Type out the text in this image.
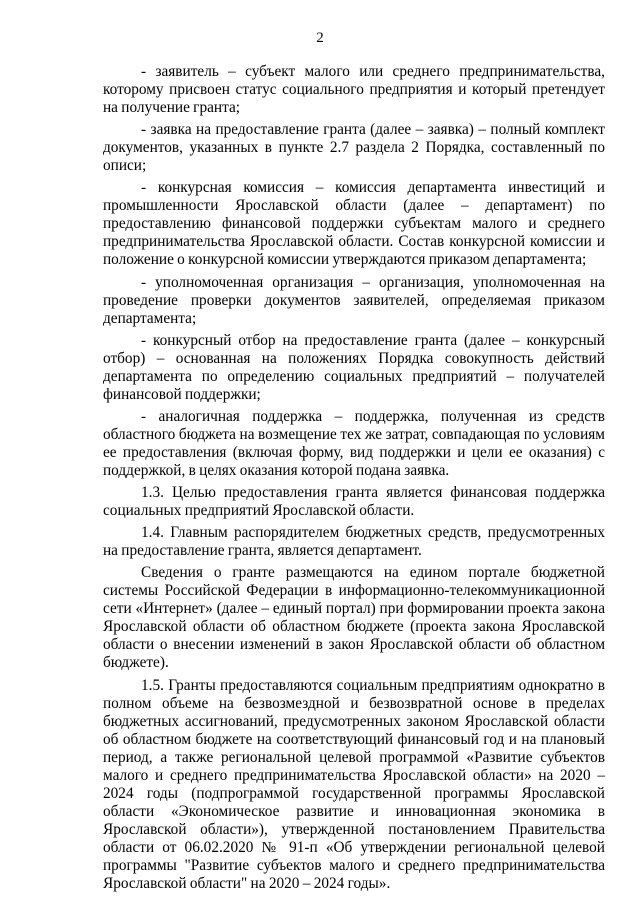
2

- заявитель – субъект малого или среднего предпринимательства, которому присвоен статус социального предприятия и который претендует на получение гранта;

- заявка на предоставление гранта (далее – заявка) – полный комплект документов, указанных в пункте 2.7 раздела 2 Порядка, составленный по описи;

- конкурсная комиссия – комиссия департамента инвестиций и промышленности Ярославской области (далее – департамент) по предоставлению финансовой поддержки субъектам малого и среднего предпринимательства Ярославской области. Состав конкурсной комиссии и положение о конкурсной комиссии утверждаются приказом департамента;

- уполномоченная организация – организация, уполномоченная на проведение проверки документов заявителей, определяемая приказом департамента;

- конкурсный отбор на предоставление гранта (далее – конкурсный отбор) – основанная на положениях Порядка совокупность действий департамента по определению социальных предприятий – получателей финансовой поддержки;

- аналогичная поддержка – поддержка, полученная из средств областного бюджета на возмещение тех же затрат, совпадающая по условиям ее предоставления (включая форму, вид поддержки и цели ее оказания) с поддержкой, в целях оказания которой подана заявка.

1.3. Целью предоставления гранта является финансовая поддержка социальных предприятий Ярославской области.

1.4. Главным распорядителем бюджетных средств, предусмотренных на предоставление гранта, является департамент.

Сведения о гранте размещаются на едином портале бюджетной системы Российской Федерации в информационно-телекоммуникационной сети «Интернет» (далее – единый портал) при формировании проекта закона Ярославской области об областном бюджете (проекта закона Ярославской области о внесении изменений в закон Ярославской области об областном бюджете).

1.5. Гранты предоставляются социальным предприятиям однократно в полном объеме на безвозмездной и безвозвратной основе в пределах бюджетных ассигнований, предусмотренных законом Ярославской области об областном бюджете на соответствующий финансовый год и на плановый период, а также региональной целевой программой «Развитие субъектов малого и среднего предпринимательства Ярославской области» на 2020 – 2024 годы (подпрограммой государственной программы Ярославской области «Экономическое развитие и инновационная экономика в Ярославской области»), утвержденной постановлением Правительства области от 06.02.2020 № 91-п «Об утверждении региональной целевой программы "Развитие субъектов малого и среднего предпринимательства Ярославской области" на 2020 – 2024 годы».
